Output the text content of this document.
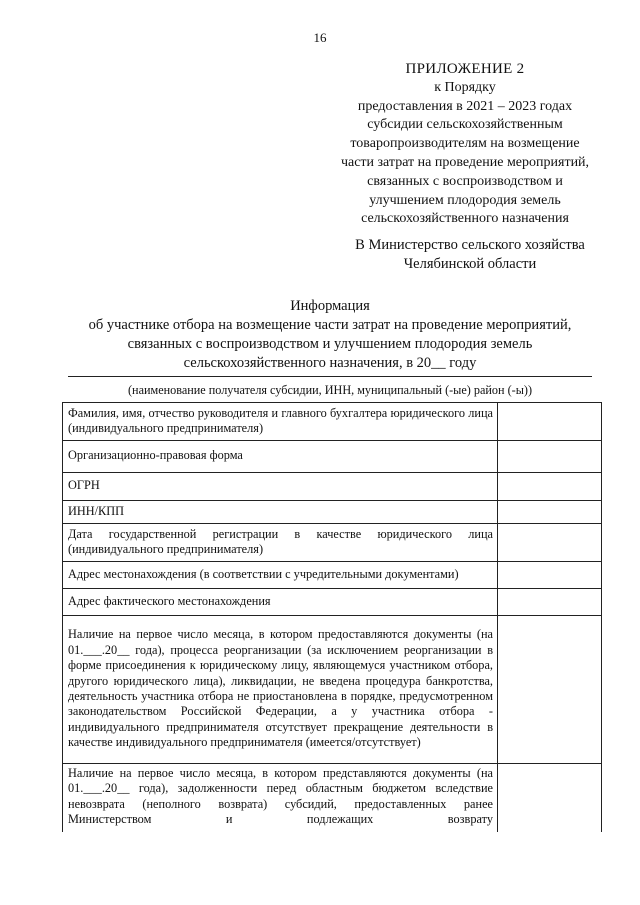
16
ПРИЛОЖЕНИЕ 2
к Порядку
предоставления в 2021 – 2023 годах
субсидии сельскохозяйственным
товаропроизводителям на возмещение
части затрат на проведение мероприятий,
связанных с воспроизводством и
улучшением плодородия земель
сельскохозяйственного назначения
В Министерство сельского хозяйства
Челябинской области
Информация
об участнике отбора на возмещение части затрат на проведение мероприятий,
связанных с воспроизводством и улучшением плодородия земель
сельскохозяйственного назначения, в 20__ году
(наименование получателя субсидии, ИНН, муниципальный (-ые) район (-ы))
Фамилия, имя, отчество руководителя и главного бухгалтера юридического лица (индивидуального предпринимателя)	
Организационно-правовая форма	
ОГРН	
ИНН/КПП	
Дата государственной регистрации в качестве юридического лица (индивидуального предпринимателя)	
Адрес местонахождения (в соответствии с учредительными документами)	
Адрес фактического местонахождения	
Наличие на первое число месяца, в котором предоставляются документы (на 01.___.20__ года), процесса реорганизации (за исключением реорганизации в форме присоединения к юридическому лицу, являющемуся участником отбора, другого юридического лица), ликвидации, не введена процедура банкротства, деятельность участника отбора не приостановлена в порядке, предусмотренном законодательством Российской Федерации, а у участника отбора - индивидуального предпринимателя отсутствует прекращение деятельности в качестве индивидуального предпринимателя (имеется/отсутствует)	
Наличие на первое число месяца, в котором представляются документы (на 01.___.20__ года), задолженности перед областным бюджетом вследствие невозврата (неполного возврата) субсидий, предоставленных ранее Министерством и подлежащих возврату	
